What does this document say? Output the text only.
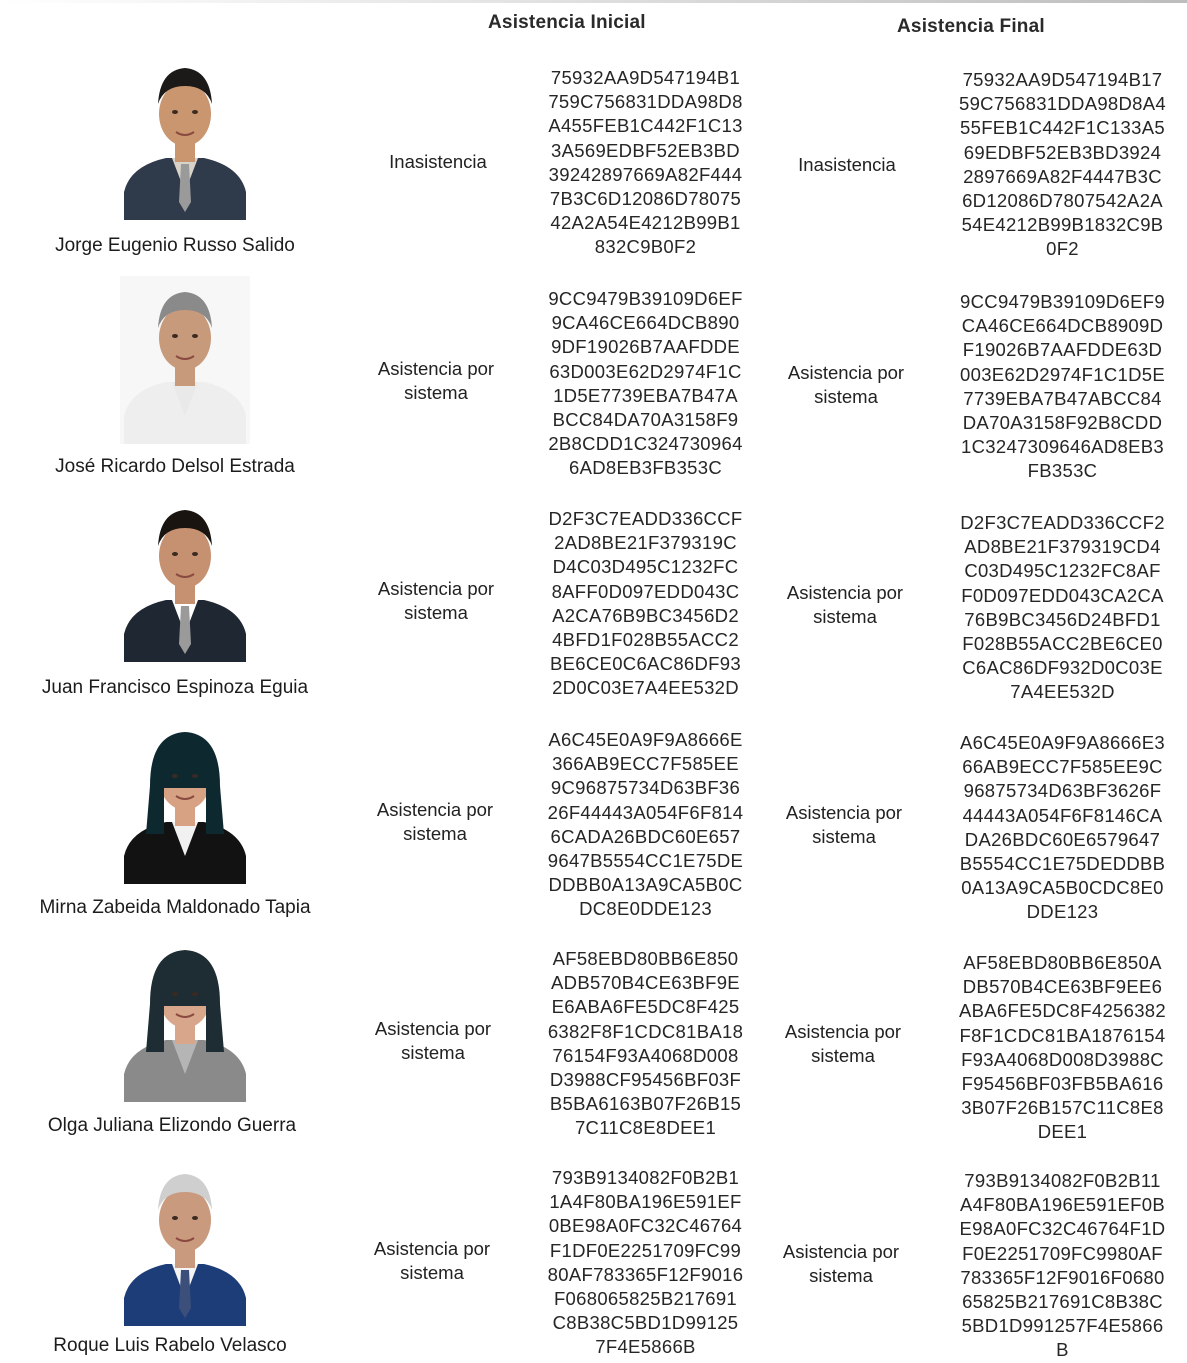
Asistencia Inicial	Asistencia Final
Jorge Eugenio Russo Salido
Inasistencia	Inasistencia
75932AA9D547194B1
759C756831DDA98D8
A455FEB1C442F1C13
3A569EDBF52EB3BD
39242897669A82F444
7B3C6D12086D78075
42A2A54E4212B99B1
832C9B0F2
75932AA9D547194B17
59C756831DDA98D8A4
55FEB1C442F1C133A5
69EDBF52EB3BD3924
2897669A82F4447B3C
6D12086D7807542A2A
54E4212B99B1832C9B
0F2
José Ricardo Delsol Estrada
Asistencia por sistema
Asistencia por sistema
9CC9479B39109D6EF
9CA46CE664DCB890
9DF19026B7AAFDDE
63D003E62D2974F1C
1D5E7739EBA7B47A
BCC84DA70A3158F9
2B8CDD1C324730964
6AD8EB3FB353C
9CC9479B39109D6EF9
CA46CE664DCB8909D
F19026B7AAFDDE63D
003E62D2974F1C1D5E
7739EBA7B47ABCC84
DA70A3158F92B8CDD
1C3247309646AD8EB3
FB353C
Juan Francisco Espinoza Eguia
Asistencia por sistema
Asistencia por sistema
D2F3C7EADD336CCF
2AD8BE21F379319C
D4C03D495C1232FC
8AFF0D097EDD043C
A2CA76B9BC3456D2
4BFD1F028B55ACC2
BE6CE0C6AC86DF93
2D0C03E7A4EE532D
D2F3C7EADD336CCF2
AD8BE21F379319CD4
C03D495C1232FC8AF
F0D097EDD043CA2CA
76B9BC3456D24BFD1
F028B55ACC2BE6CE0
C6AC86DF932D0C03E
7A4EE532D
Mirna Zabeida Maldonado Tapia
Asistencia por sistema
Asistencia por sistema
A6C45E0A9F9A8666E
366AB9ECC7F585EE
9C96875734D63BF36
26F44443A054F6F814
6CADA26BDC60E657
9647B5554CC1E75DE
DDBB0A13A9CA5B0C
DC8E0DDE123
A6C45E0A9F9A8666E3
66AB9ECC7F585EE9C
96875734D63BF3626F
44443A054F6F8146CA
DA26BDC60E6579647
B5554CC1E75DEDDBB
0A13A9CA5B0CDC8E0
DDE123
Olga Juliana Elizondo Guerra
Asistencia por sistema
Asistencia por sistema
AF58EBD80BB6E850
ADB570B4CE63BF9E
E6ABA6FE5DC8F425
6382F8F1CDC81BA18
76154F93A4068D008
D3988CF95456BF03F
B5BA6163B07F26B15
7C11C8E8DEE1
AF58EBD80BB6E850A
DB570B4CE63BF9EE6
ABA6FE5DC8F4256382
F8F1CDC81BA1876154
F93A4068D008D3988C
F95456BF03FB5BA616
3B07F26B157C11C8E8
DEE1
Roque Luis Rabelo Velasco
Asistencia por sistema
Asistencia por sistema
793B9134082F0B2B1
1A4F80BA196E591EF
0BE98A0FC32C46764
F1DF0E2251709FC99
80AF783365F12F9016
F068065825B217691
C8B38C5BD1D99125
7F4E5866B
793B9134082F0B2B11
A4F80BA196E591EF0B
E98A0FC32C46764F1D
F0E2251709FC9980AF
783365F12F9016F0680
65825B217691C8B38C
5BD1D991257F4E5866
B
